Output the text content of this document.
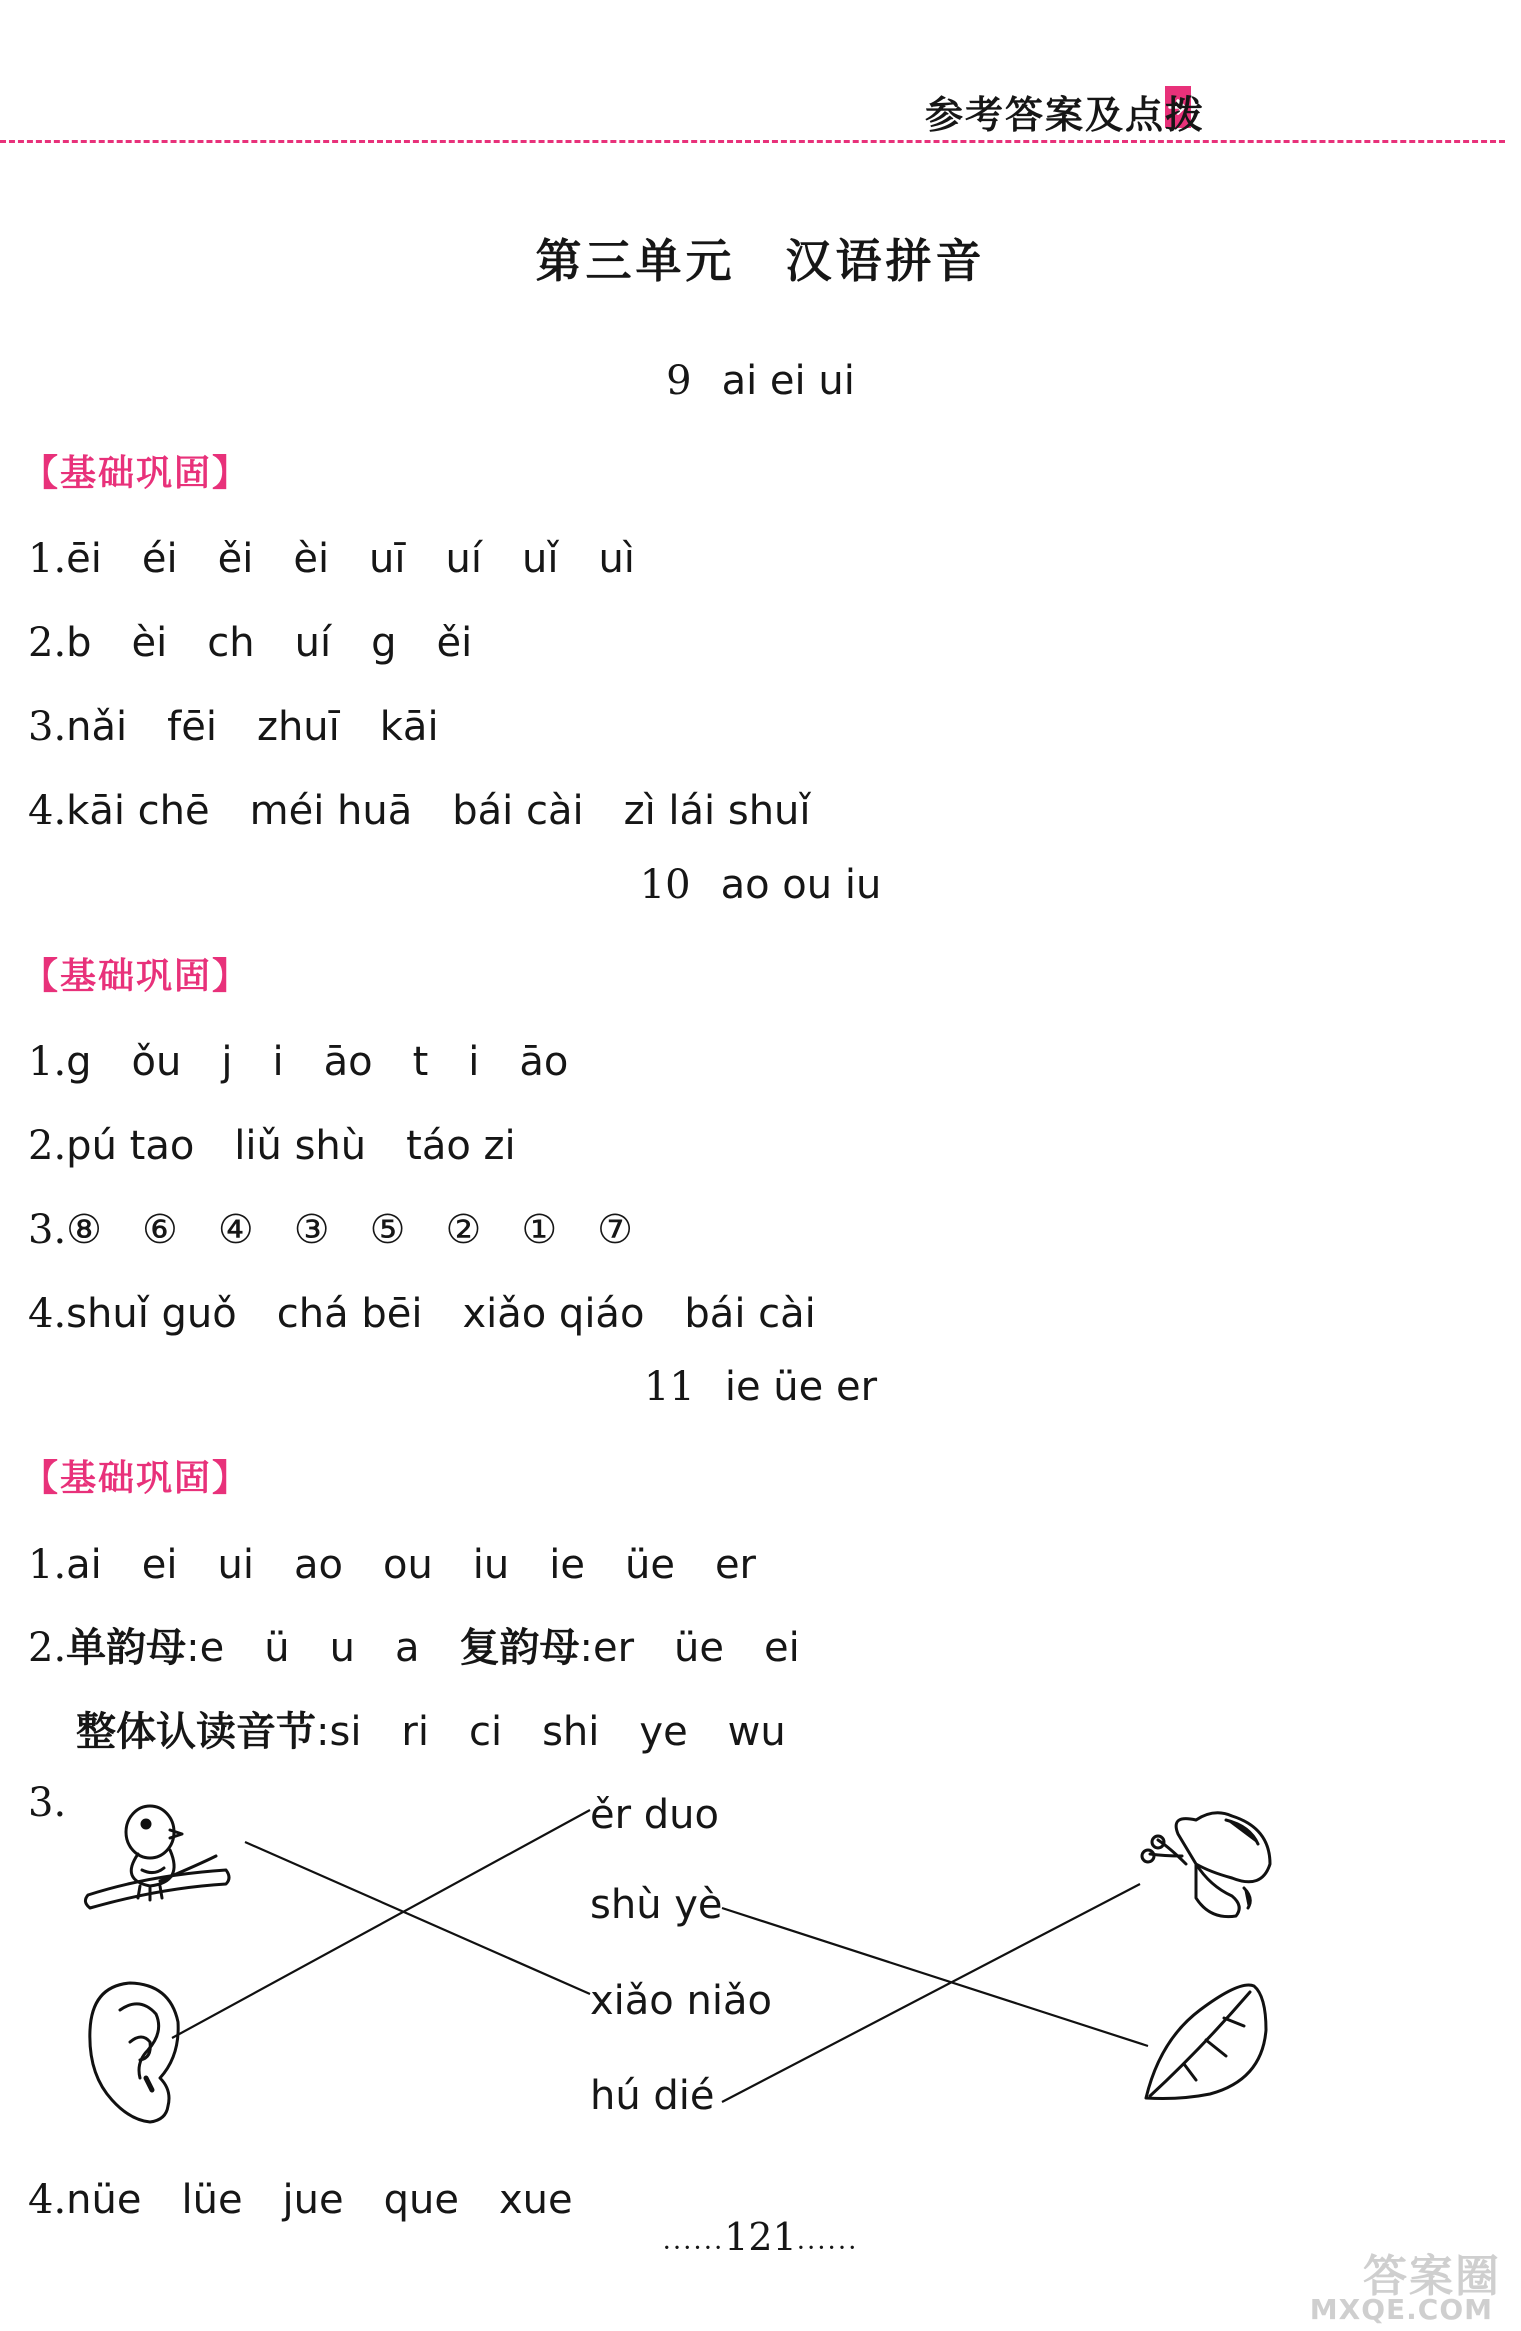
参考答案及点拨
第三单元　汉语拼音
9 ai ei ui
【基础巩固】
1.ēi　éi　ěi　èi　uī　uí　uǐ　uì
2.b　èi　ch　uí　g　ěi
3.nǎi　fēi　zhuī　kāi
4.kāi chē　méi huā　bái cài　zì lái shuǐ
10 ao ou iu
【基础巩固】
1.g　ǒu　j　i　āo　t　i　āo
2.pú tao　liǔ shù　táo zi
3.⑧　⑥　④　③　⑤　②　①　⑦
4.shuǐ guǒ　chá bēi　xiǎo qiáo　bái cài
11 ie üe er
【基础巩固】
1.ai　ei　ui　ao　ou　iu　ie　üe　er
2.单韵母:e　ü　u　a　复韵母:er　üe　ei
整体认读音节:si　ri　ci　shi　ye　wu
3.	ěr duo
shù yè
xiǎo niǎo
hú dié
4.nüe　lüe　jue　que　xue
......121......
答案圈
MXQE.COM
